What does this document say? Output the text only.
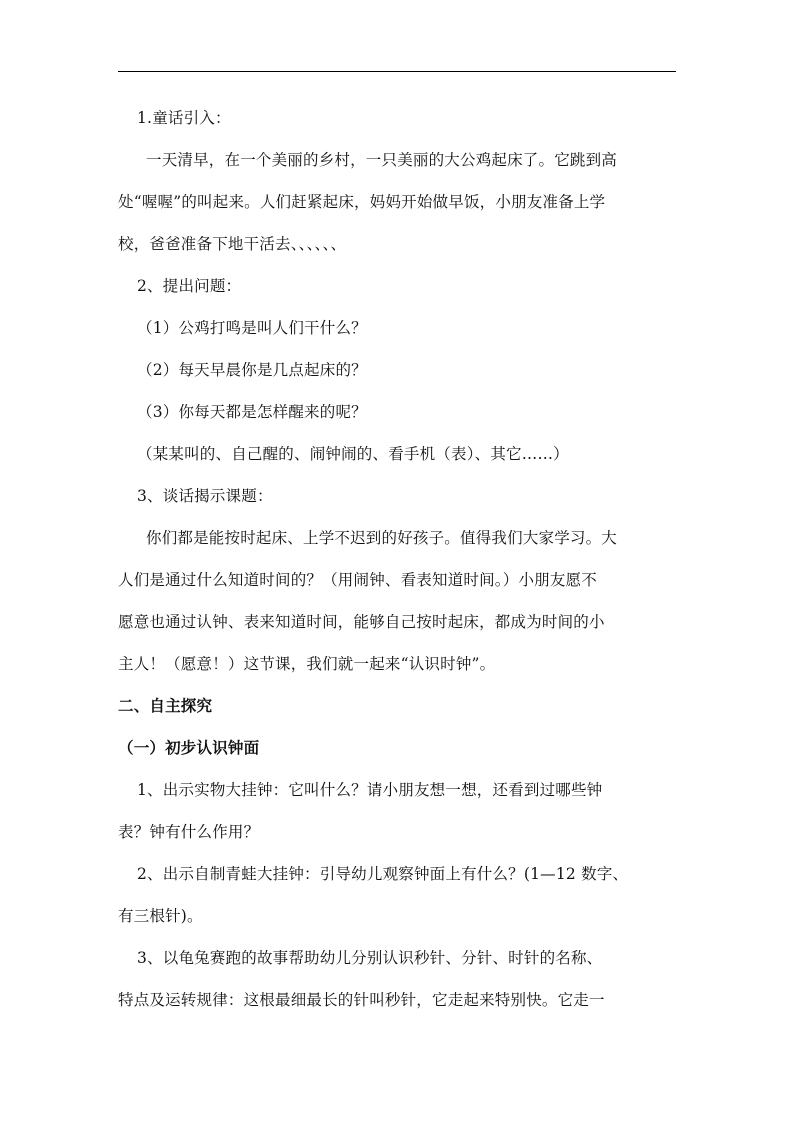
1.童话引入：
一天清早，在一个美丽的乡村，一只美丽的大公鸡起床了。它跳到高
处“喔喔”的叫起来。人们赶紧起床，妈妈开始做早饭，小朋友准备上学
校，爸爸准备下地干活去、、、、、、
2、提出问题：
（1）公鸡打鸣是叫人们干什么？
（2）每天早晨你是几点起床的？
（3）你每天都是怎样醒来的呢？
（某某叫的、自己醒的、闹钟闹的、看手机（表）、其它……）
3、谈话揭示课题：
你们都是能按时起床、上学不迟到的好孩子。值得我们大家学习。大
人们是通过什么知道时间的？（用闹钟、看表知道时间。）小朋友愿不
愿意也通过认钟、表来知道时间，能够自己按时起床，都成为时间的小
主人！（愿意！）这节课，我们就一起来“认识时钟”。
二、自主探究
（一）初步认识钟面
1、出示实物大挂钟：它叫什么？请小朋友想一想，还看到过哪些钟
表？钟有什么作用？
2、出示自制青蛙大挂钟：引导幼儿观察钟面上有什么？(1—12 数字、
有三根针)。
3、以龟兔赛跑的故事帮助幼儿分别认识秒针、分针、时针的名称、
特点及运转规律：这根最细最长的针叫秒针，它走起来特别快。它走一
